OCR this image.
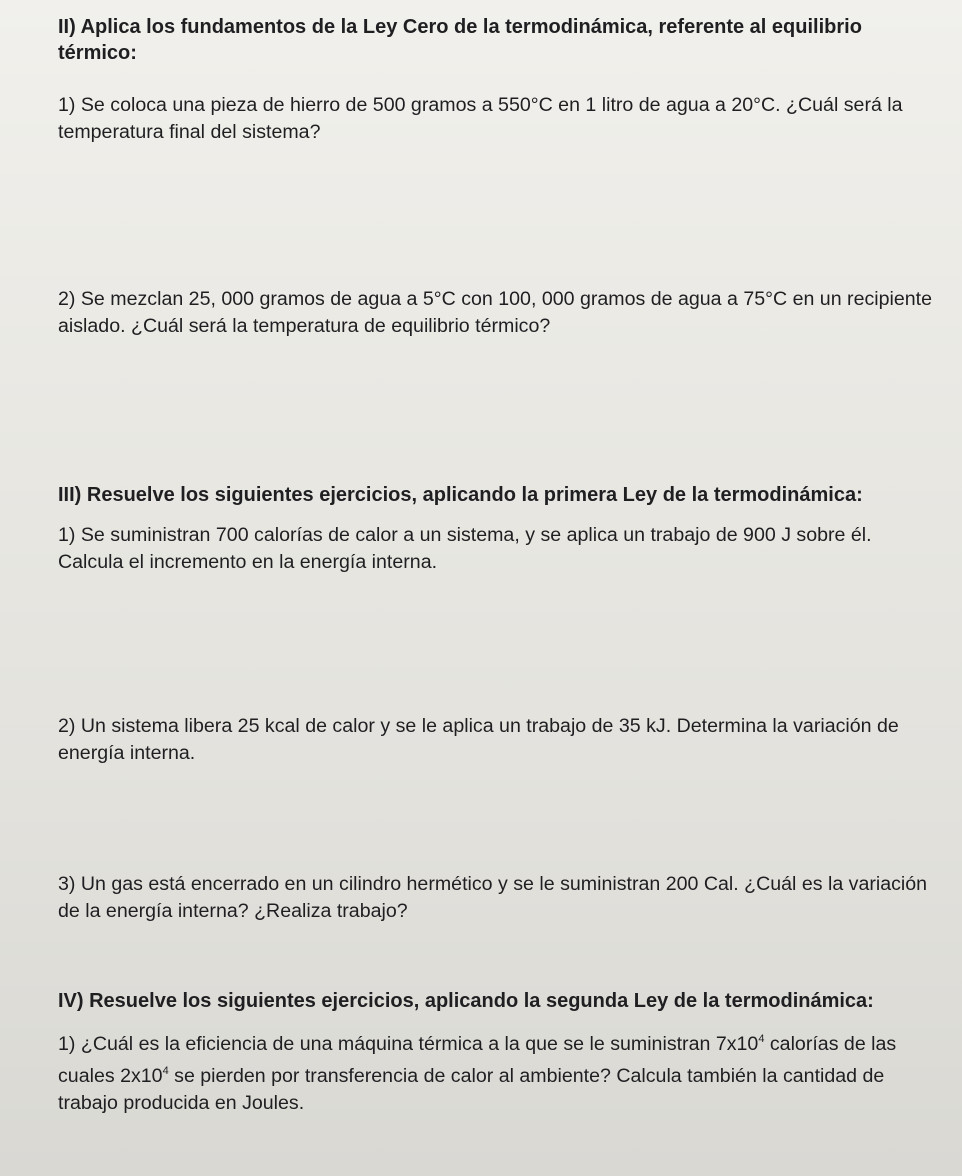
II) Aplica los fundamentos de la Ley Cero de la termodinámica, referente al equilibrio térmico:

1) Se coloca una pieza de hierro de 500 gramos a 550°C en 1 litro de agua a 20°C. ¿Cuál será la temperatura final del sistema?

2) Se mezclan 25, 000 gramos de agua a 5°C con 100, 000 gramos de agua a 75°C en un recipiente aislado. ¿Cuál será la temperatura de equilibrio térmico?

III) Resuelve los siguientes ejercicios, aplicando la primera Ley de la termodinámica:

1) Se suministran 700 calorías de calor a un sistema, y se aplica un trabajo de 900 J sobre él. Calcula el incremento en la energía interna.

2) Un sistema libera 25 kcal de calor y se le aplica un trabajo de 35 kJ. Determina la variación de energía interna.

3) Un gas está encerrado en un cilindro hermético y se le suministran 200 Cal. ¿Cuál es la variación de la energía interna? ¿Realiza trabajo?

IV) Resuelve los siguientes ejercicios, aplicando la segunda Ley de la termodinámica:

1) ¿Cuál es la eficiencia de una máquina térmica a la que se le suministran $7x10^4$ calorías de las cuales $2x10^4$ se pierden por transferencia de calor al ambiente? Calcula también la cantidad de trabajo producida en Joules.
